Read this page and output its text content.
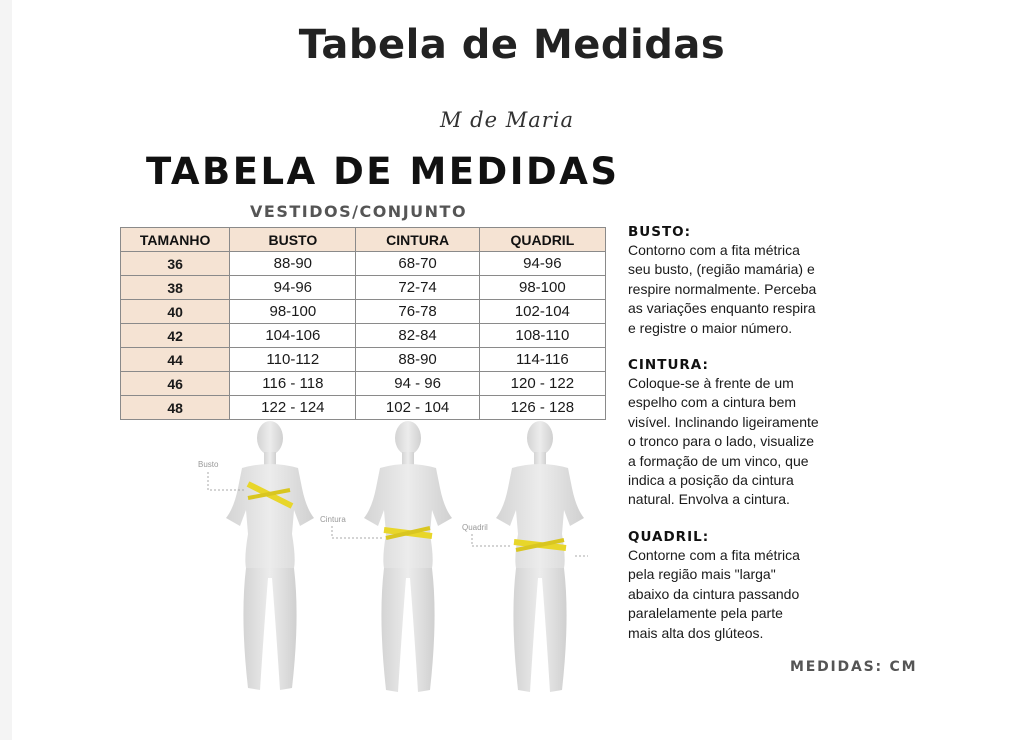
Tabela de Medidas
M de Maria
TABELA DE MEDIDAS
VESTIDOS/CONJUNTO
TAMANHO	BUSTO	CINTURA	QUADRIL
36	88-90	68-70	94-96
38	94-96	72-74	98-100
40	98-100	76-78	102-104
42	104-106	82-84	108-110
44	110-112	88-90	114-116
46	116 - 118	94 - 96	120 - 122
48	122 - 124	102 - 104	126 - 128
Busto
Cintura
Quadril
BUSTO:
Contorno com a fita métrica
seu busto, (região mamária) e
respire normalmente. Perceba
as variações enquanto respira
e registre o maior número.
CINTURA:
Coloque-se à frente de um
espelho com a cintura bem
visível. Inclinando ligeiramente
o tronco para o lado, visualize
a formação de um vinco, que
indica a posição da cintura
natural. Envolva a cintura.
QUADRIL:
Contorne com a fita métrica
pela região mais "larga"
abaixo da cintura passando
paralelamente pela parte
mais alta dos glúteos.
MEDIDAS: CM
